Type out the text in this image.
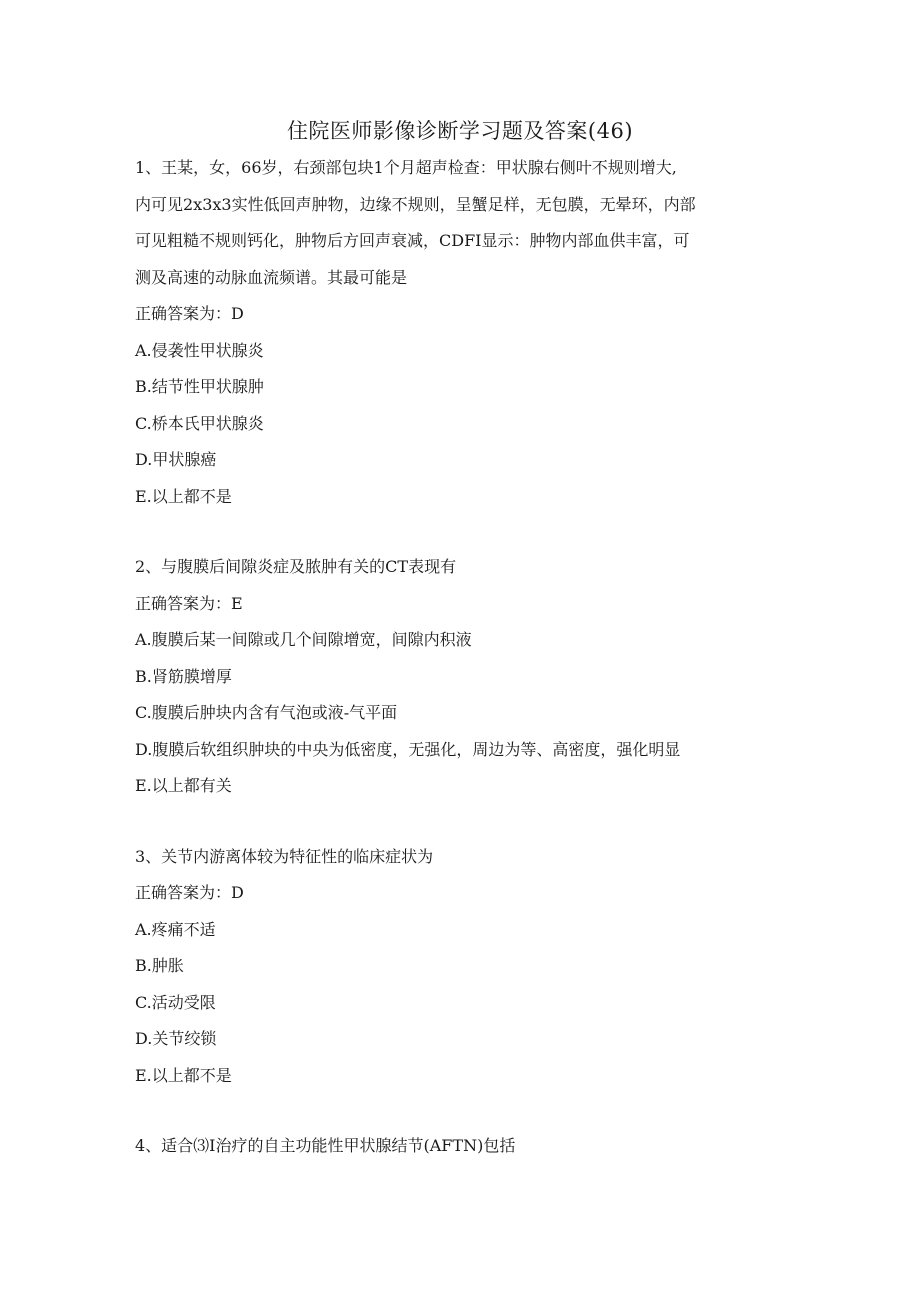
住院医师影像诊断学习题及答案(46)
1、王某，女，66岁，右颈部包块1个月超声检查：甲状腺右侧叶不规则增大,
内可见2x3x3实性低回声肿物，边缘不规则，呈蟹足样，无包膜，无晕环，内部
可见粗糙不规则钙化，肿物后方回声衰减，CDFI显示：肿物内部血供丰富，可
测及高速的动脉血流频谱。其最可能是
正确答案为：D
A.侵袭性甲状腺炎
B.结节性甲状腺肿
C.桥本氏甲状腺炎
D.甲状腺癌
E.以上都不是
2、与腹膜后间隙炎症及脓肿有关的CT表现有
正确答案为：E
A.腹膜后某一间隙或几个间隙增宽，间隙内积液
B.肾筋膜增厚
C.腹膜后肿块内含有气泡或液-气平面
D.腹膜后软组织肿块的中央为低密度，无强化，周边为等、高密度，强化明显
E.以上都有关
3、关节内游离体较为特征性的临床症状为
正确答案为：D
A.疼痛不适
B.肿胀
C.活动受限
D.关节绞锁
E.以上都不是
4、适合⑶I治疗的自主功能性甲状腺结节(AFTN)包括
